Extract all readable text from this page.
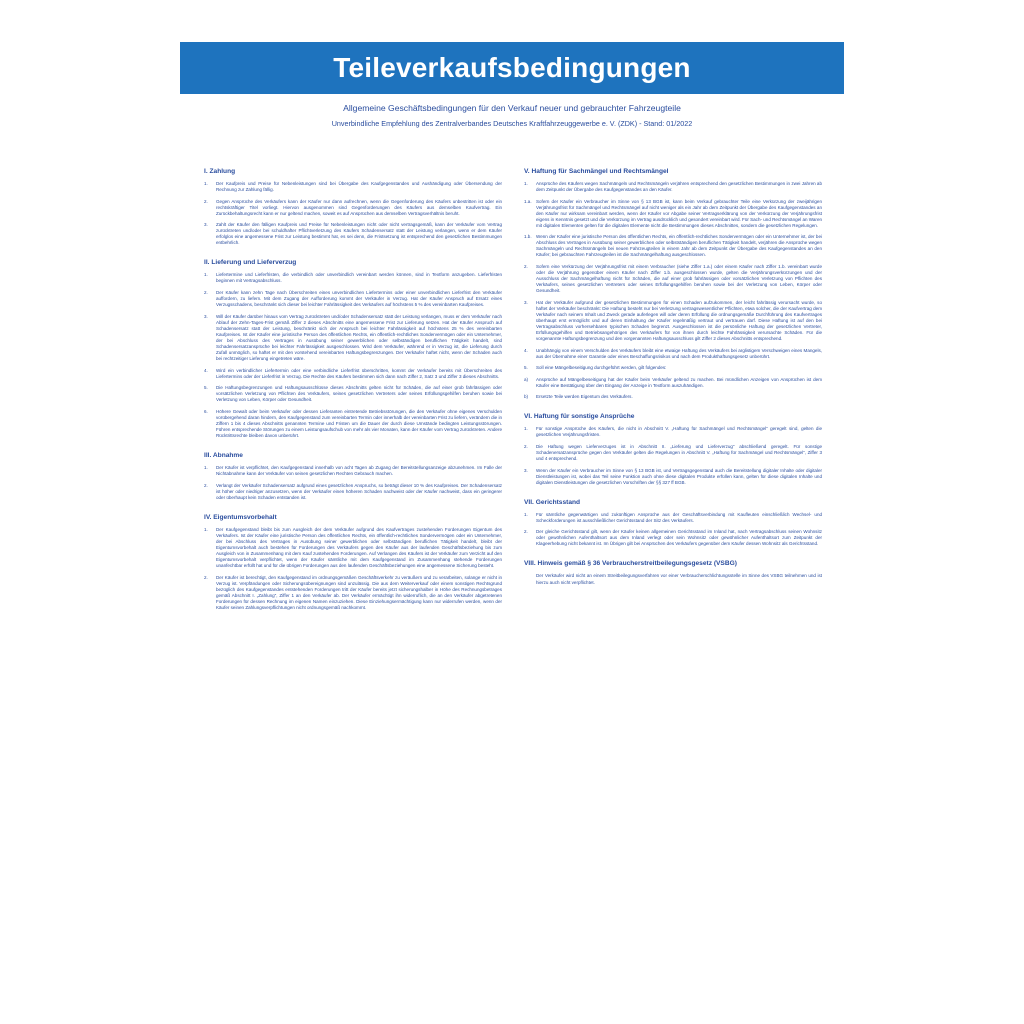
Teileverkaufsbedingungen
Allgemeine Geschäftsbedingungen für den Verkauf neuer und gebrauchter Fahrzeugteile
Unverbindliche Empfehlung des Zentralverbandes Deutsches Kraftfahrzeuggewerbe e. V. (ZDK) - Stand: 01/2022
I. Zahlung
1.	Der Kaufpreis und Preise für Nebenleistungen sind bei Übergabe des Kaufgegenstandes und Aushändigung oder Übersendung der Rechnung zur Zahlung fällig.
2.	Gegen Ansprüche des Verkäufers kann der Käufer nur dann aufrechnen, wenn die Gegenforderung des Käufers unbestritten ist oder ein rechtskräftiger Titel vorliegt. Hiervon ausgenommen sind Gegenforderungen des Käufers aus demselben Kaufvertrag. Ein Zurückbehaltungsrecht kann er nur geltend machen, soweit es auf Ansprüchen aus demselben Vertragsverhältnis beruht.
3.	Zahlt der Käufer den fälligen Kaufpreis und Preise für Nebenleistungen nicht oder nicht vertragsgemäß, kann der Verkäufer vom Vertrag zurücktreten und/oder bei schuldhafter Pflichtverletzung des Käufers Schadensersatz statt der Leistung verlangen, wenn er dem Käufer erfolglos eine angemessene Frist zur Leistung bestimmt hat, es sei denn, die Fristsetzung ist entsprechend den gesetzlichen Bestimmungen entbehrlich.
II. Lieferung und Lieferverzug
1.	Liefertermine und Lieferfristen, die verbindlich oder unverbindlich vereinbart werden können, sind in Textform anzugeben. Lieferfristen beginnen mit Vertragsabschluss.
2.	Der Käufer kann zehn Tage nach Überschreiten eines unverbindlichen Liefertermins oder einer unverbindlichen Lieferfrist den Verkäufer auffordern, zu liefern. Mit dem Zugang der Aufforderung kommt der Verkäufer in Verzug. Hat der Käufer Anspruch auf Ersatz eines Verzugsschadens, beschränkt sich dieser bei leichter Fahrlässigkeit des Verkäufers auf höchstens 5 % des vereinbarten Kaufpreises.
3.	Will der Käufer darüber hinaus vom Vertrag zurücktreten und/oder Schadensersatz statt der Leistung verlangen, muss er dem Verkäufer nach Ablauf der Zehn-Tages-Frist gemäß Ziffer 2 dieses Abschnitts eine angemessene Frist zur Lieferung setzen. Hat der Käufer Anspruch auf Schadensersatz statt der Leistung, beschränkt sich der Anspruch bei leichter Fahrlässigkeit auf höchstens 25 % des vereinbarten Kaufpreises. Ist der Käufer eine juristische Person des öffentlichen Rechts, ein öffentlich-rechtliches Sondervermögen oder ein Unternehmer, der bei Abschluss des Vertrages in Ausübung seiner gewerblichen oder selbständigen beruflichen Tätigkeit handelt, sind Schadensersatzansprüche bei leichter Fahrlässigkeit ausgeschlossen. Wird dem Verkäufer, während er in Verzug ist, die Lieferung durch Zufall unmöglich, so haftet er mit den vorstehend vereinbarten Haftungsbegrenzungen. Der Verkäufer haftet nicht, wenn der Schaden auch bei rechtzeitiger Lieferung eingetreten wäre.
4.	Wird ein verbindlicher Liefertermin oder eine verbindliche Lieferfrist überschritten, kommt der Verkäufer bereits mit Überschreiten des Liefertermins oder der Lieferfrist in Verzug. Die Rechte des Käufers bestimmen sich dann nach Ziffer 2, Satz 3 und Ziffer 3 dieses Abschnitts.
5.	Die Haftungsbegrenzungen und Haftungsausschlüsse dieses Abschnitts gelten nicht für Schäden, die auf einer grob fahrlässigen oder vorsätzlichen Verletzung von Pflichten des Verkäufers, seines gesetzlichen Vertreters oder seines Erfüllungsgehilfen beruhen sowie bei Verletzung von Leben, Körper oder Gesundheit.
6.	Höhere Gewalt oder beim Verkäufer oder dessen Lieferanten eintretende Betriebsstörungen, die den Verkäufer ohne eigenes Verschulden vorübergehend daran hindern, den Kaufgegenstand zum vereinbarten Termin oder innerhalb der vereinbarten Frist zu liefern, verändern die in Ziffern 1 bis 4 dieses Abschnitts genannten Termine und Fristen um die Dauer der durch diese Umstände bedingten Leistungsstörungen. Führen entsprechende Störungen zu einem Leistungsaufschub von mehr als vier Monaten, kann der Käufer vom Vertrag zurücktreten. Andere Rücktrittsrechte bleiben davon unberührt.
III. Abnahme
1.	Der Käufer ist verpflichtet, den Kaufgegenstand innerhalb von acht Tagen ab Zugang der Bereitstellungsanzeige abzunehmen. Im Falle der Nichtabnahme kann der Verkäufer von seinen gesetzlichen Rechten Gebrauch machen.
2.	Verlangt der Verkäufer Schadensersatz aufgrund eines gesetzlichen Anspruchs, so beträgt dieser 10 % des Kaufpreises. Der Schadensersatz ist höher oder niedriger anzusetzen, wenn der Verkäufer einen höheren Schaden nachweist oder der Käufer nachweist, dass ein geringerer oder überhaupt kein Schaden entstanden ist.
IV. Eigentumsvorbehalt
1.	Der Kaufgegenstand bleibt bis zum Ausgleich der dem Verkäufer aufgrund des Kaufvertrages zustehenden Forderungen Eigentum des Verkäufers. Ist der Käufer eine juristische Person des öffentlichen Rechts, ein öffentlich-rechtliches Sondervermögen oder ein Unternehmer, der bei Abschluss des Vertrages in Ausübung seiner gewerblichen oder selbständigen beruflichen Tätigkeit handelt, bleibt der Eigentumsvorbehalt auch bestehen für Forderungen des Verkäufers gegen den Käufer aus der laufenden Geschäftsbeziehung bis zum Ausgleich von in Zusammenhang mit dem Kauf zustehenden Forderungen. Auf Verlangen des Käufers ist der Verkäufer zum Verzicht auf den Eigentumsvorbehalt verpflichtet, wenn der Käufer sämtliche mit dem Kaufgegenstand im Zusammenhang stehende Forderungen unanfechtbar erfüllt hat und für die übrigen Forderungen aus den laufenden Geschäftsbeziehungen eine angemessene Sicherung besteht.
2.	Der Käufer ist berechtigt, den Kaufgegenstand im ordnungsgemäßen Geschäftsverkehr zu veräußern und zu verarbeiten, solange er nicht in Verzug ist. Verpfändungen oder Sicherungsübereignungen sind unzulässig. Die aus dem Weiterverkauf oder einem sonstigen Rechtsgrund bezüglich des Kaufgegenstandes entstehenden Forderungen tritt der Käufer bereits jetzt sicherungshalber in Höhe des Rechnungsbetrages gemäß Abschnitt I. „Zahlung“, Ziffer 1 an den Verkäufer ab. Der Verkäufer ermächtigt ihn widerruflich, die an den Verkäufer abgetretenen Forderungen für dessen Rechnung im eigenen Namen einzuziehen. Diese Einziehungsermächtigung kann nur widerrufen werden, wenn der Käufer seinen Zahlungsverpflichtungen nicht ordnungsgemäß nachkommt.
V. Haftung für Sachmängel und Rechtsmängel
1.	Ansprüche des Käufers wegen Sachmängeln und Rechtsmängeln verjähren entsprechend den gesetzlichen Bestimmungen in zwei Jahren ab dem Zeitpunkt der Übergabe des Kaufgegenstandes an den Käufer.
1.a. Sofern der Käufer ein Verbraucher im Sinne von § 13 BGB ist, kann beim Verkauf gebrauchter Teile eine Verkürzung der zweijährigen Verjährungsfrist für Sachmängel und Rechtsmängel auf nicht weniger als ein Jahr ab dem Zeitpunkt der Übergabe des Kaufgegenstandes an den Käufer nur wirksam vereinbart werden, wenn der Käufer vor Abgabe seiner Vertragserklärung von der Verkürzung der Verjährungsfrist eigens in Kenntnis gesetzt und die Verkürzung im Vertrag ausdrücklich und gesondert vereinbart wird. Für Sach- und Rechtsmängel an Waren mit digitalen Elementen gelten für die digitalen Elemente nicht die Bestimmungen dieses Abschnittes, sondern die gesetzlichen Regelungen.
1.b. Wenn der Käufer eine juristische Person des öffentlichen Rechts, ein öffentlich-rechtliches Sondervermögen oder ein Unternehmer ist, der bei Abschluss des Vertrages in Ausübung seiner gewerblichen oder selbstständigen beruflichen Tätigkeit handelt, verjähren die Ansprüche wegen Sachmängeln und Rechtsmängeln bei neuen Fahrzeugteilen in einem Jahr ab dem Zeitpunkt der Übergabe des Kaufgegenstandes an den Käufer; bei gebrauchten Fahrzeugteilen ist die Sachmängelhaftung ausgeschlossen.
2.	Sofern eine Verkürzung der Verjährungsfrist mit einem Verbraucher (siehe Ziffer 1.a.) oder einem Käufer nach Ziffer 1.b. vereinbart wurde oder die Verjährung gegenüber einem Käufer nach Ziffer 1.b. ausgeschlossen wurde, gelten die Verjährungsverkürzungen und der Ausschluss der Sachmängelhaftung nicht für Schäden, die auf einer grob fahrlässigen oder vorsätzlichen Verletzung von Pflichten des Verkäufers, seines gesetzlichen Vertreters oder seines Erfüllungsgehilfen beruhen sowie bei der Verletzung von Leben, Körper oder Gesundheit.
3.	Hat der Verkäufer aufgrund der gesetzlichen Bestimmungen für einen Schaden aufzukommen, der leicht fahrlässig verursacht wurde, so haftet der Verkäufer beschränkt: Die Haftung besteht nur bei Verletzung vertragswesentlicher Pflichten, etwa solcher, die der Kaufvertrag dem Verkäufer nach seinem Inhalt und Zweck gerade auferlegen will oder deren Erfüllung die ordnungsgemäße Durchführung des Kaufvertrages überhaupt erst ermöglicht und auf deren Einhaltung der Käufer regelmäßig vertraut und vertrauen darf. Diese Haftung ist auf den bei Vertragsabschluss vorhersehbaren typischen Schaden begrenzt. Ausgeschlossen ist die persönliche Haftung der gesetzlichen Vertreter, Erfüllungsgehilfen und Betriebsangehörigen des Verkäufers für von ihnen durch leichte Fahrlässigkeit verursachte Schäden. Für die vorgenannte Haftungsbegrenzung und den vorgenannten Haftungsausschluss gilt Ziffer 2 dieses Abschnitts entsprechend.
4.	Unabhängig von einem Verschulden des Verkäufers bleibt eine etwaige Haftung des Verkäufers bei arglistigem Verschweigen eines Mangels, aus der Übernahme einer Garantie oder eines Beschaffungsrisikos und nach dem Produkthaftungsgesetz unberührt.
5.	Soll eine Mängelbeseitigung durchgeführt werden, gilt folgendes:
a)	Ansprüche auf Mängelbeseitigung hat der Käufer beim Verkäufer geltend zu machen. Bei mündlichen Anzeigen von Ansprüchen ist dem Käufer eine Bestätigung über den Eingang der Anzeige in Textform auszuhändigen.
b)	Ersetzte Teile werden Eigentum des Verkäufers.
VI. Haftung für sonstige Ansprüche
1.	Für sonstige Ansprüche des Käufers, die nicht in Abschnitt V. „Haftung für Sachmängel und Rechtsmängel“ geregelt sind, gelten die gesetzlichen Verjährungsfristen.
2.	Die Haftung wegen Lieferverzuges ist in Abschnitt II. „Lieferung und Lieferverzug“ abschließend geregelt. Für sonstige Schadenersatzansprüche gegen den Verkäufer gelten die Regelungen in Abschnitt V. „Haftung für Sachmängel und Rechtsmängel“, Ziffer 3 und 4 entsprechend.
3.	Wenn der Käufer ein Verbraucher im Sinne von § 13 BGB ist, und Vertragsgegenstand auch die Bereitstellung digitaler Inhalte oder digitaler Dienstleistungen ist, wobei das Teil seine Funktion auch ohne diese digitalen Produkte erfüllen kann, gelten für diese digitalen Inhalte und digitalen Dienstleistungen die gesetzlichen Vorschriften der §§ 327 ff BGB.
VII. Gerichtsstand
1.	Für sämtliche gegenwärtigen und zukünftigen Ansprüche aus der Geschäftsverbindung mit Kaufleuten einschließlich Wechsel- und Scheckforderungen ist ausschließlicher Gerichtsstand der Sitz des Verkäufers.
2.	Der gleiche Gerichtsstand gilt, wenn der Käufer keinen allgemeinen Gerichtsstand im Inland hat, nach Vertragsabschluss seinen Wohnsitz oder gewöhnlichen Aufenthaltsort aus dem Inland verlegt oder sein Wohnsitz oder gewöhnlicher Aufenthaltsort zum Zeitpunkt der Klageerhebung nicht bekannt ist. Im Übrigen gilt bei Ansprüchen des Verkäufers gegenüber dem Käufer dessen Wohnsitz als Gerichtsstand.
VIII. Hinweis gemäß § 36 Verbraucherstreitbeilegungsgesetz (VSBG)
Der Verkäufer wird nicht an einem Streitbeilegungsverfahren vor einer Verbraucherschlichtungsstelle im Sinne des VSBG teilnehmen und ist hierzu auch nicht verpflichtet.
